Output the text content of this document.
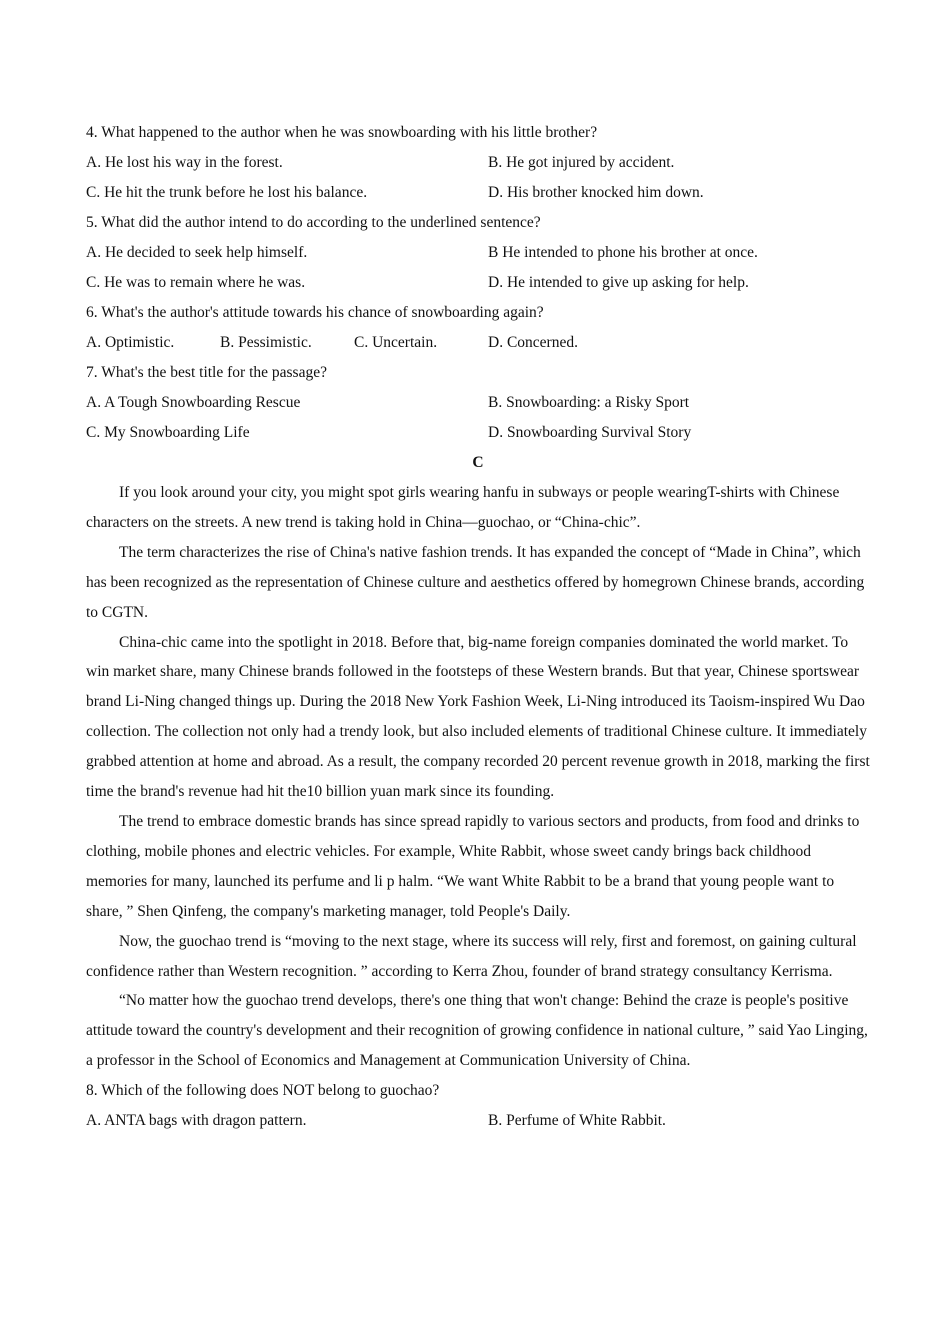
4. What happened to the author when he was snowboarding with his little brother?
A. He lost his way in the forest.	B. He got injured by accident.
C. He hit the trunk before he lost his balance.	D. His brother knocked him down.
5. What did the author intend to do according to the underlined sentence?
A. He decided to seek help himself.	B He intended to phone his brother at once.
C. He was to remain where he was.	D. He intended to give up asking for help.
6. What's the author's attitude towards his chance of snowboarding again?
A. Optimistic.	B. Pessimistic.	C. Uncertain.	D. Concerned.
7. What's the best title for the passage?
A. A Tough Snowboarding Rescue	B. Snowboarding: a Risky Sport
C. My Snowboarding Life	D. Snowboarding Survival Story
C

If you look around your city, you might spot girls wearing hanfu in subways or people wearingT-shirts with Chinese characters on the streets. A new trend is taking hold in China—guochao, or “China-chic”.

The term characterizes the rise of China's native fashion trends. It has expanded the concept of “Made in China”, which has been recognized as the representation of Chinese culture and aesthetics offered by homegrown Chinese brands, according to CGTN.

China-chic came into the spotlight in 2018. Before that, big-name foreign companies dominated the world market. To win market share, many Chinese brands followed in the footsteps of these Western brands. But that year, Chinese sportswear brand Li-Ning changed things up. During the 2018 New York Fashion Week, Li-Ning introduced its Taoism-inspired Wu Dao collection. The collection not only had a trendy look, but also included elements of traditional Chinese culture. It immediately grabbed attention at home and abroad. As a result, the company recorded 20 percent revenue growth in 2018, marking the first time the brand's revenue had hit the10 billion yuan mark since its founding.

The trend to embrace domestic brands has since spread rapidly to various sectors and products, from food and drinks to clothing, mobile phones and electric vehicles. For example, White Rabbit, whose sweet candy brings back childhood memories for many, launched its perfume and li p halm. “We want White Rabbit to be a brand that young people want to share, ” Shen Qinfeng, the company's marketing manager, told People's Daily.

Now, the guochao trend is “moving to the next stage, where its success will rely, first and foremost, on gaining cultural confidence rather than Western recognition. ” according to Kerra Zhou, founder of brand strategy consultancy Kerrisma.

“No matter how the guochao trend develops, there's one thing that won't change: Behind the craze is people's positive attitude toward the country's development and their recognition of growing confidence in national culture, ” said Yao Linging, a professor in the School of Economics and Management at Communication University of China.

8. Which of the following does NOT belong to guochao?
A. ANTA bags with dragon pattern.	B. Perfume of White Rabbit.
